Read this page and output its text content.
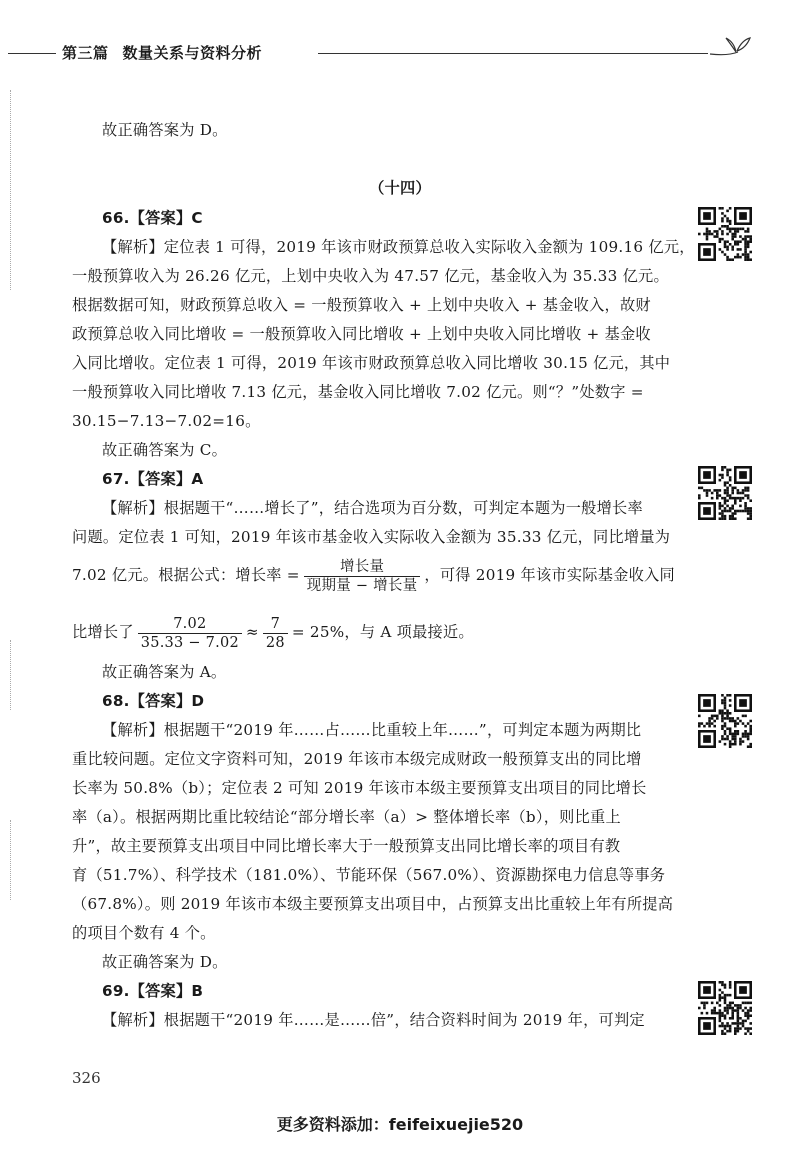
第三篇 数量关系与资料分析
故正确答案为 D。
（十四）
66.【答案】C
【解析】定位表 1 可得，2019 年该市财政预算总收入实际收入金额为 109.16 亿元，
一般预算收入为 26.26 亿元，上划中央收入为 47.57 亿元，基金收入为 35.33 亿元。
根据数据可知，财政预算总收入 = 一般预算收入 + 上划中央收入 + 基金收入，故财
政预算总收入同比增收 = 一般预算收入同比增收 + 上划中央收入同比增收 + 基金收
入同比增收。定位表 1 可得，2019 年该市财政预算总收入同比增收 30.15 亿元，其中
一般预算收入同比增收 7.13 亿元，基金收入同比增收 7.02 亿元。则“？”处数字 =
30.15−7.13−7.02=16。
故正确答案为 C。
67.【答案】A
【解析】根据题干“……增长了”，结合选项为百分数，可判定本题为一般增长率
问题。定位表 1 可知，2019 年该市基金收入实际收入金额为 35.33 亿元，同比增量为
7.02 亿元。根据公式：增长率 = $\frac{\text{增长量}}{\text{现期量 − 增长量}}$ ，可得 2019 年该市实际基金收入同
比增长了 $\frac{7.02}{35.33 - 7.02} \approx \frac{7}{28} = 25\%$，与 A 项最接近。
故正确答案为 A。
68.【答案】D
【解析】根据题干“2019 年……占……比重较上年……”，可判定本题为两期比
重比较问题。定位文字资料可知，2019 年该市本级完成财政一般预算支出的同比增
长率为 50.8%（b）；定位表 2 可知 2019 年该市本级主要预算支出项目的同比增长
率（a）。根据两期比重比较结论“部分增长率（a）> 整体增长率（b），则比重上
升”，故主要预算支出项目中同比增长率大于一般预算支出同比增长率的项目有教
育（51.7%）、科学技术（181.0%）、节能环保（567.0%）、资源勘探电力信息等事务
（67.8%）。则 2019 年该市本级主要预算支出项目中，占预算支出比重较上年有所提高
的项目个数有 4 个。
故正确答案为 D。
69.【答案】B
【解析】根据题干“2019 年……是……倍”，结合资料时间为 2019 年，可判定
326
更多资料添加：feifeixuejie520
